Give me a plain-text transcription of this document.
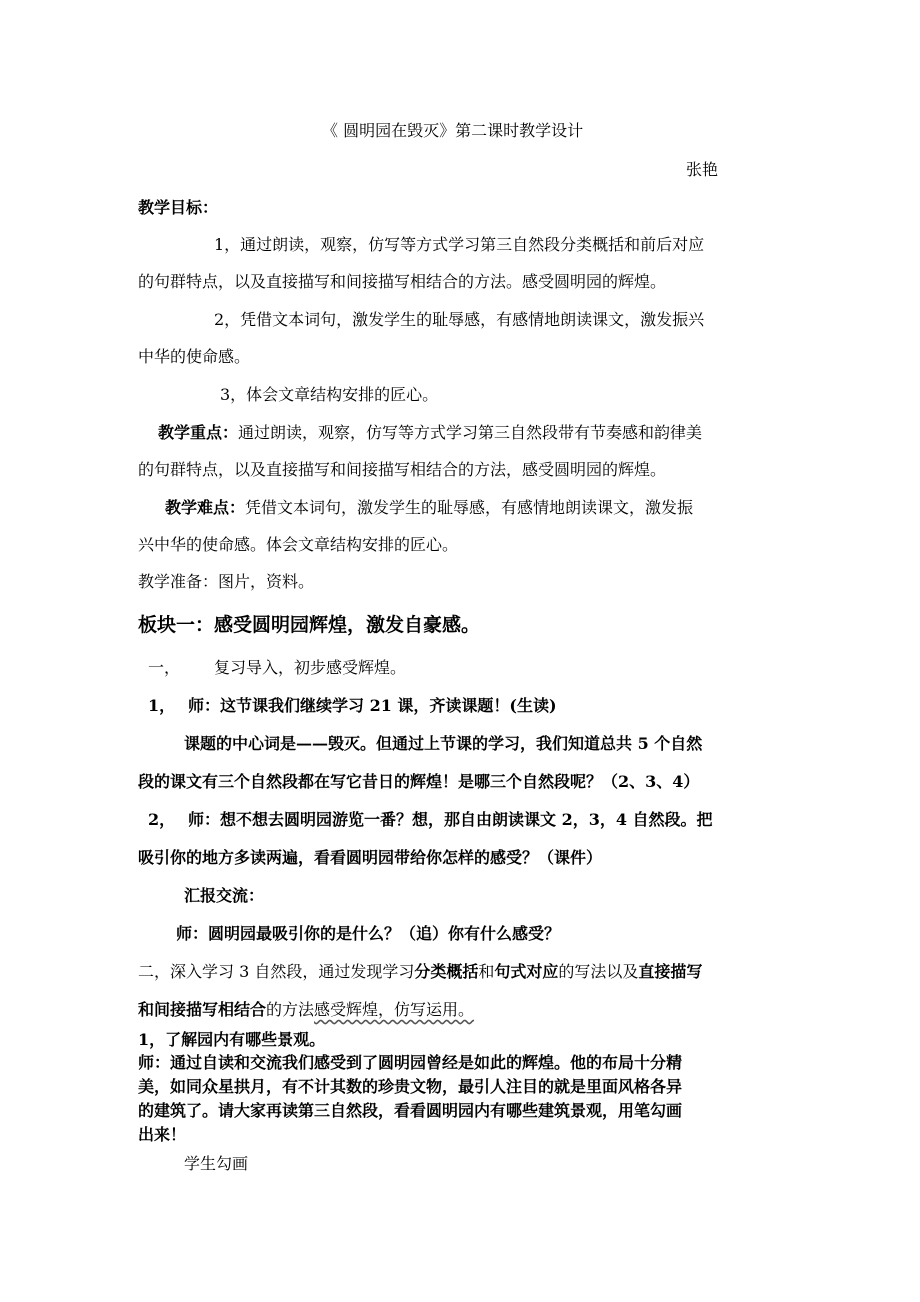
《 圆明园在毁灭》第二课时教学设计
张艳
教学目标：
1，通过朗读，观察，仿写等方式学习第三自然段分类概括和前后对应
的句群特点，以及直接描写和间接描写相结合的方法。感受圆明园的辉煌。
2，凭借文本词句，激发学生的耻辱感，有感情地朗读课文，激发振兴
中华的使命感。
3，体会文章结构安排的匠心。
教学重点：通过朗读，观察，仿写等方式学习第三自然段带有节奏感和韵律美
的句群特点，以及直接描写和间接描写相结合的方法，感受圆明园的辉煌。
教学难点：凭借文本词句，激发学生的耻辱感，有感情地朗读课文，激发振
兴中华的使命感。体会文章结构安排的匠心。
教学准备：图片，资料。
板块一：感受圆明园辉煌，激发自豪感。
一， 复习导入，初步感受辉煌。
1， 师：这节课我们继续学习 21 课，齐读课题！(生读)
课题的中心词是——毁灭。但通过上节课的学习，我们知道总共 5 个自然
段的课文有三个自然段都在写它昔日的辉煌！是哪三个自然段呢？（2、3、4）
2， 师：想不想去圆明园游览一番？想，那自由朗读课文 2，3，4 自然段。把
吸引你的地方多读两遍，看看圆明园带给你怎样的感受？（课件）
汇报交流：
师：圆明园最吸引你的是什么？（追）你有什么感受？
二，深入学习 3 自然段，通过发现学习分类概括和句式对应的写法以及直接描写
和间接描写相结合的方法感受辉煌，仿写运用。
1，了解园内有哪些景观。
师：通过自读和交流我们感受到了圆明园曾经是如此的辉煌。他的布局十分精
美，如同众星拱月，有不计其数的珍贵文物，最引人注目的就是里面风格各异
的建筑了。请大家再读第三自然段，看看圆明园内有哪些建筑景观，用笔勾画
出来！
学生勾画
